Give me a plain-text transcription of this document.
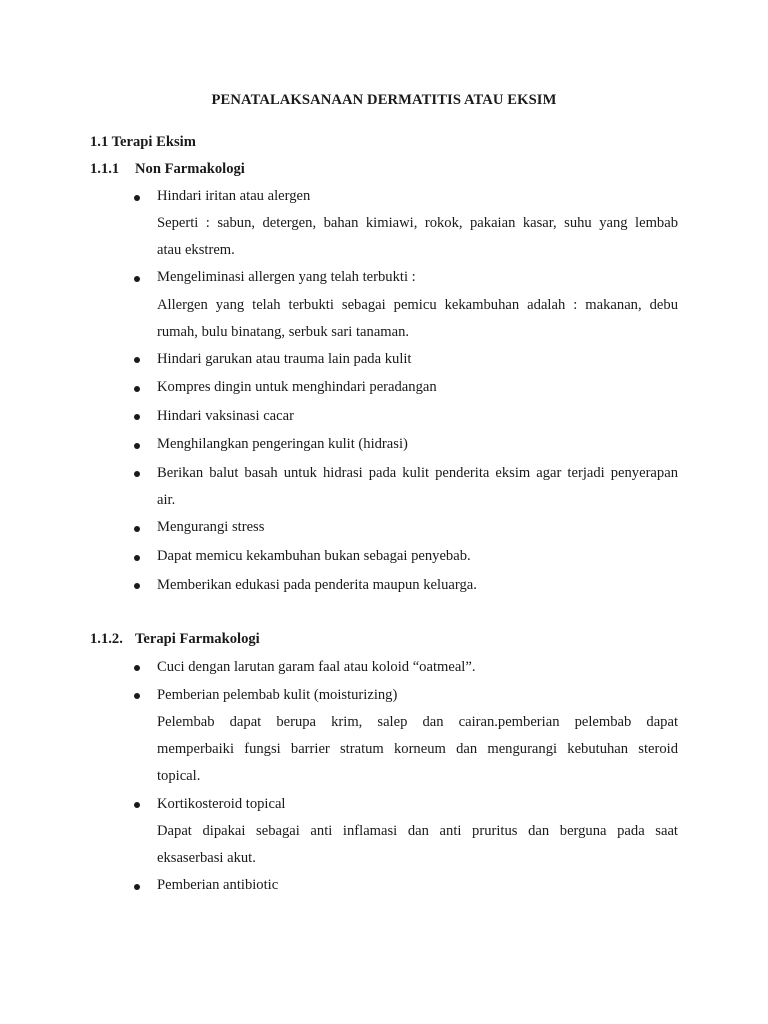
PENATALAKSANAAN DERMATITIS ATAU EKSIM

1.1 Terapi Eksim

1.1.1 Non Farmakologi

Hindari iritan atau alergen

Seperti : sabun, detergen, bahan kimiawi, rokok, pakaian kasar, suhu yang lembab

atau ekstrem.

Mengeliminasi allergen yang telah terbukti :

Allergen yang telah terbukti sebagai pemicu kekambuhan adalah : makanan, debu

rumah, bulu binatang, serbuk sari tanaman.

Hindari garukan atau trauma lain pada kulit

Kompres dingin untuk menghindari peradangan

Hindari vaksinasi cacar

Menghilangkan pengeringan kulit (hidrasi)

Berikan balut basah untuk hidrasi pada kulit penderita eksim agar terjadi penyerapan

air.

Mengurangi stress

Dapat memicu kekambuhan bukan sebagai penyebab.

Memberikan edukasi pada penderita maupun keluarga.

1.1.2. Terapi Farmakologi

Cuci dengan larutan garam faal atau koloid “oatmeal”.

Pemberian pelembab kulit (moisturizing)

Pelembab dapat berupa krim, salep dan cairan.pemberian pelembab dapat

memperbaiki fungsi barrier stratum korneum dan mengurangi kebutuhan steroid

topical.

Kortikosteroid topical

Dapat dipakai sebagai anti inflamasi dan anti pruritus dan berguna pada saat

eksaserbasi akut.

Pemberian antibiotic
